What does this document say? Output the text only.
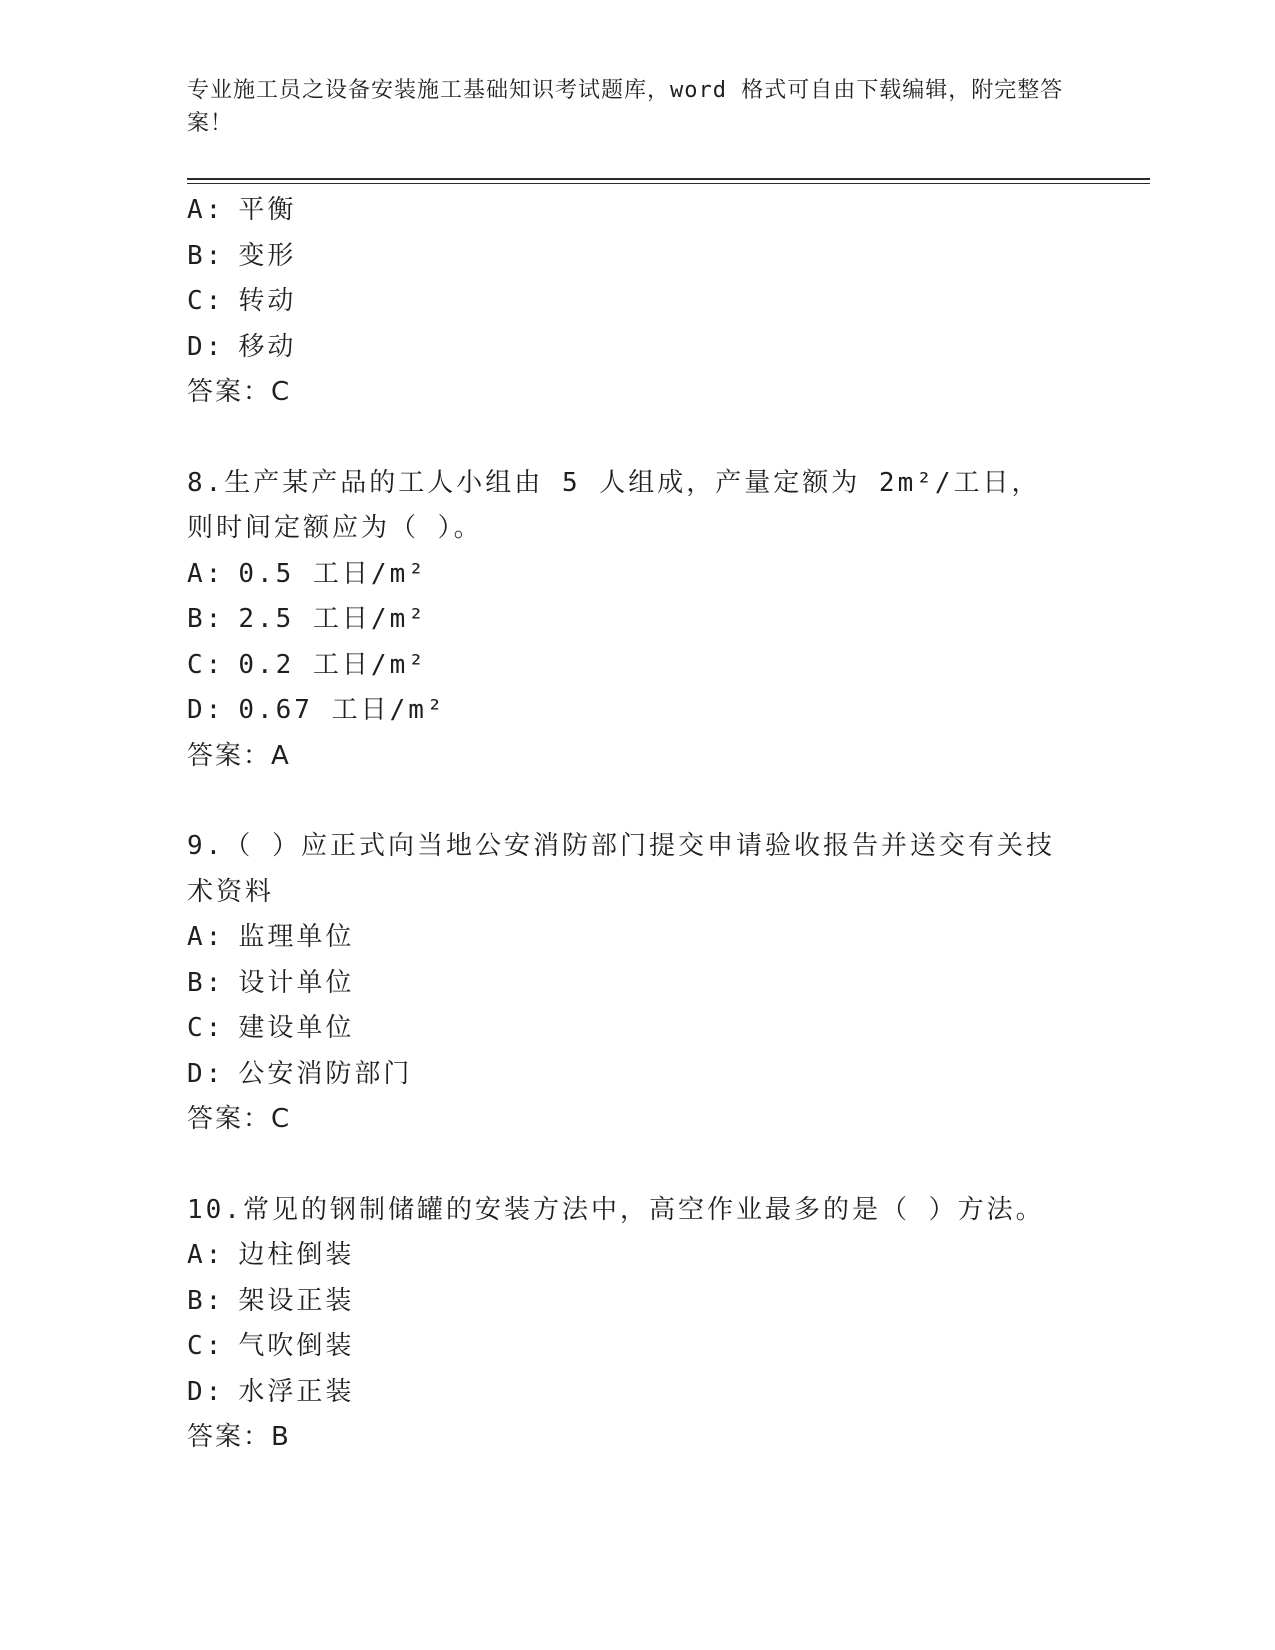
专业施工员之设备安装施工基础知识考试题库，word 格式可自由下载编辑，附完整答案！

A: 平衡
B: 变形
C: 转动
D: 移动
答案：C
8.生产某产品的工人小组由 5 人组成，产量定额为 2m²/工日，则时间定额应为（ ）。
A: 0.5 工日/m²
B: 2.5 工日/m²
C: 0.2 工日/m²
D: 0.67 工日/m²
答案：A
9.（ ）应正式向当地公安消防部门提交申请验收报告并送交有关技术资料
A: 监理单位
B: 设计单位
C: 建设单位
D: 公安消防部门
答案：C
10.常见的钢制储罐的安装方法中，高空作业最多的是（ ）方法。
A: 边柱倒装
B: 架设正装
C: 气吹倒装
D: 水浮正装
答案：B
